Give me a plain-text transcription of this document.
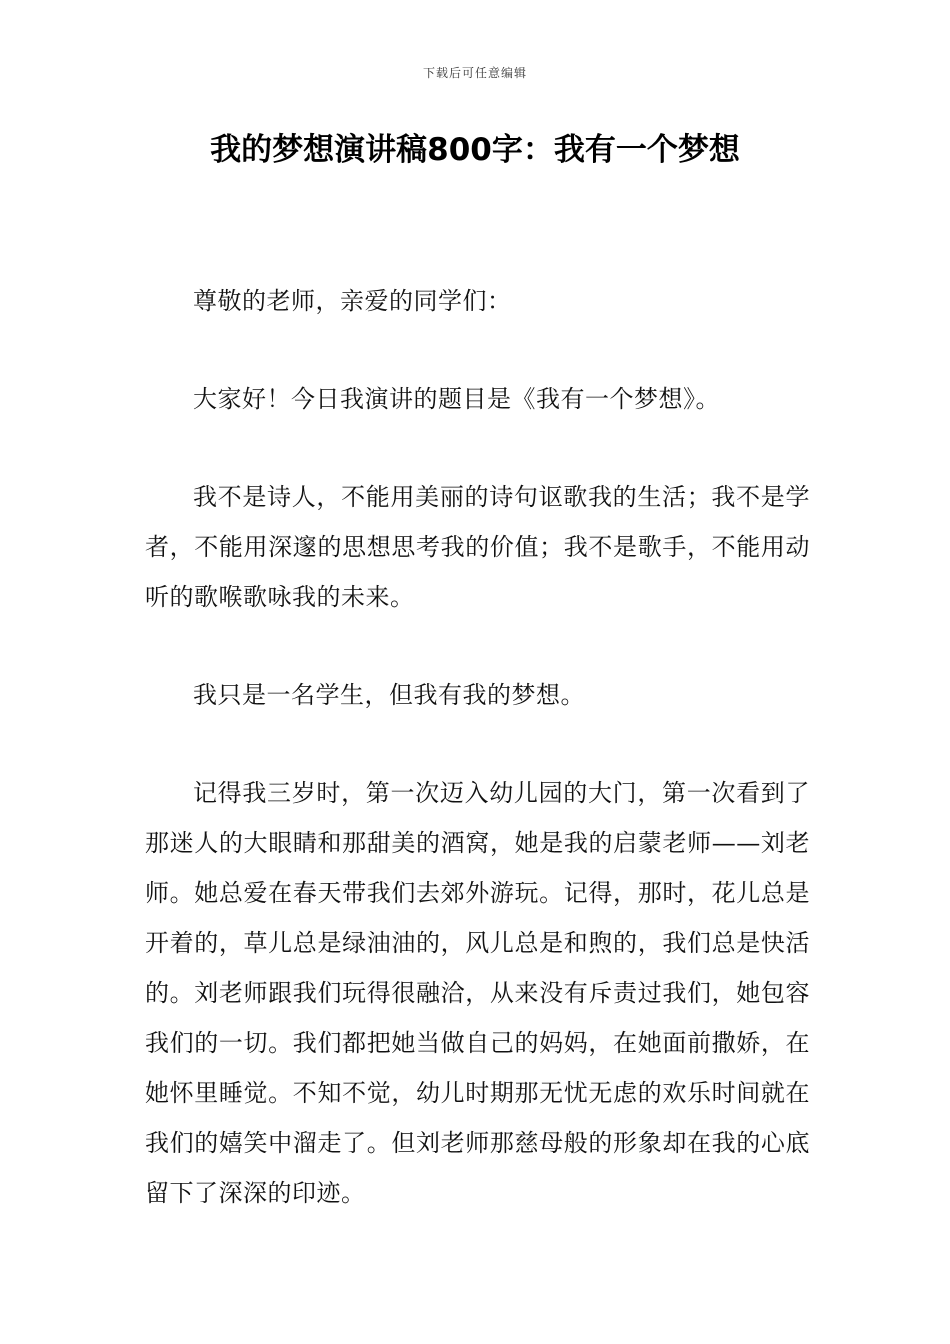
下载后可任意编辑
我的梦想演讲稿800字：我有一个梦想

尊敬的老师，亲爱的同学们：

大家好！今日我演讲的题目是《我有一个梦想》。

我不是诗人，不能用美丽的诗句讴歌我的生活；我不是学者，不能用深邃的思想思考我的价值；我不是歌手，不能用动听的歌喉歌咏我的未来。

我只是一名学生，但我有我的梦想。

记得我三岁时，第一次迈入幼儿园的大门，第一次看到了那迷人的大眼睛和那甜美的酒窝，她是我的启蒙老师——刘老师。她总爱在春天带我们去郊外游玩。记得，那时，花儿总是开着的，草儿总是绿油油的，风儿总是和煦的，我们总是快活的。刘老师跟我们玩得很融洽，从来没有斥责过我们，她包容我们的一切。我们都把她当做自己的妈妈，在她面前撒娇，在她怀里睡觉。不知不觉，幼儿时期那无忧无虑的欢乐时间就在我们的嬉笑中溜走了。但刘老师那慈母般的形象却在我的心底留下了深深的印迹。
